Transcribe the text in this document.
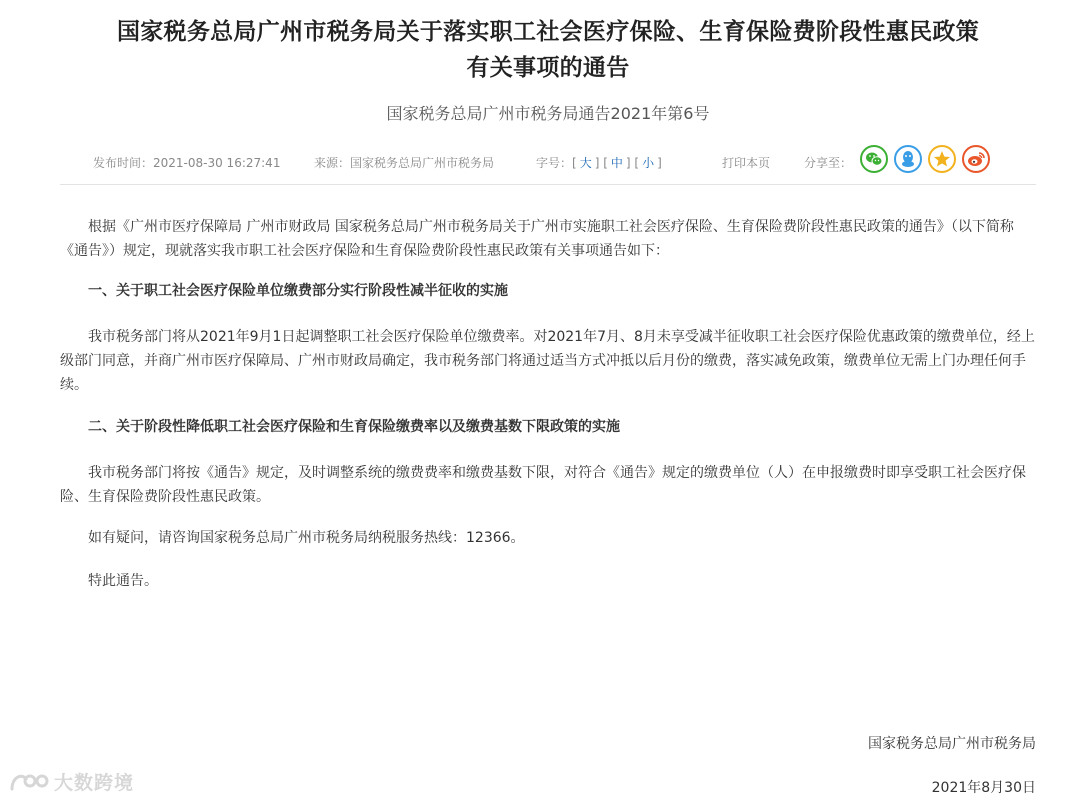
国家税务总局广州市税务局关于落实职工社会医疗保险、生育保险费阶段性惠民政策
有关事项的通告
国家税务总局广州市税务局通告2021年第6号
发布时间：2021-08-30 16:27:41	来源：国家税务总局广州市税务局	字号：[ 大 ] [ 中 ] [ 小 ]	打印本页	分享至：

根据《广州市医疗保障局 广州市财政局 国家税务总局广州市税务局关于广州市实施职工社会医疗保险、生育保险费阶段性惠民政策的通告》（以下简称《通告》）规定，现就落实我市职工社会医疗保险和生育保险费阶段性惠民政策有关事项通告如下：

一、关于职工社会医疗保险单位缴费部分实行阶段性减半征收的实施

我市税务部门将从2021年9月1日起调整职工社会医疗保险单位缴费率。对2021年7月、8月未享受减半征收职工社会医疗保险优惠政策的缴费单位，经上级部门同意，并商广州市医疗保障局、广州市财政局确定，我市税务部门将通过适当方式冲抵以后月份的缴费，落实减免政策，缴费单位无需上门办理任何手续。

二、关于阶段性降低职工社会医疗保险和生育保险缴费率以及缴费基数下限政策的实施

我市税务部门将按《通告》规定，及时调整系统的缴费费率和缴费基数下限，对符合《通告》规定的缴费单位（人）在申报缴费时即享受职工社会医疗保险、生育保险费阶段性惠民政策。

如有疑问，请咨询国家税务总局广州市税务局纳税服务热线：12366。

特此通告。

国家税务总局广州市税务局
2021年8月30日
大数跨境
